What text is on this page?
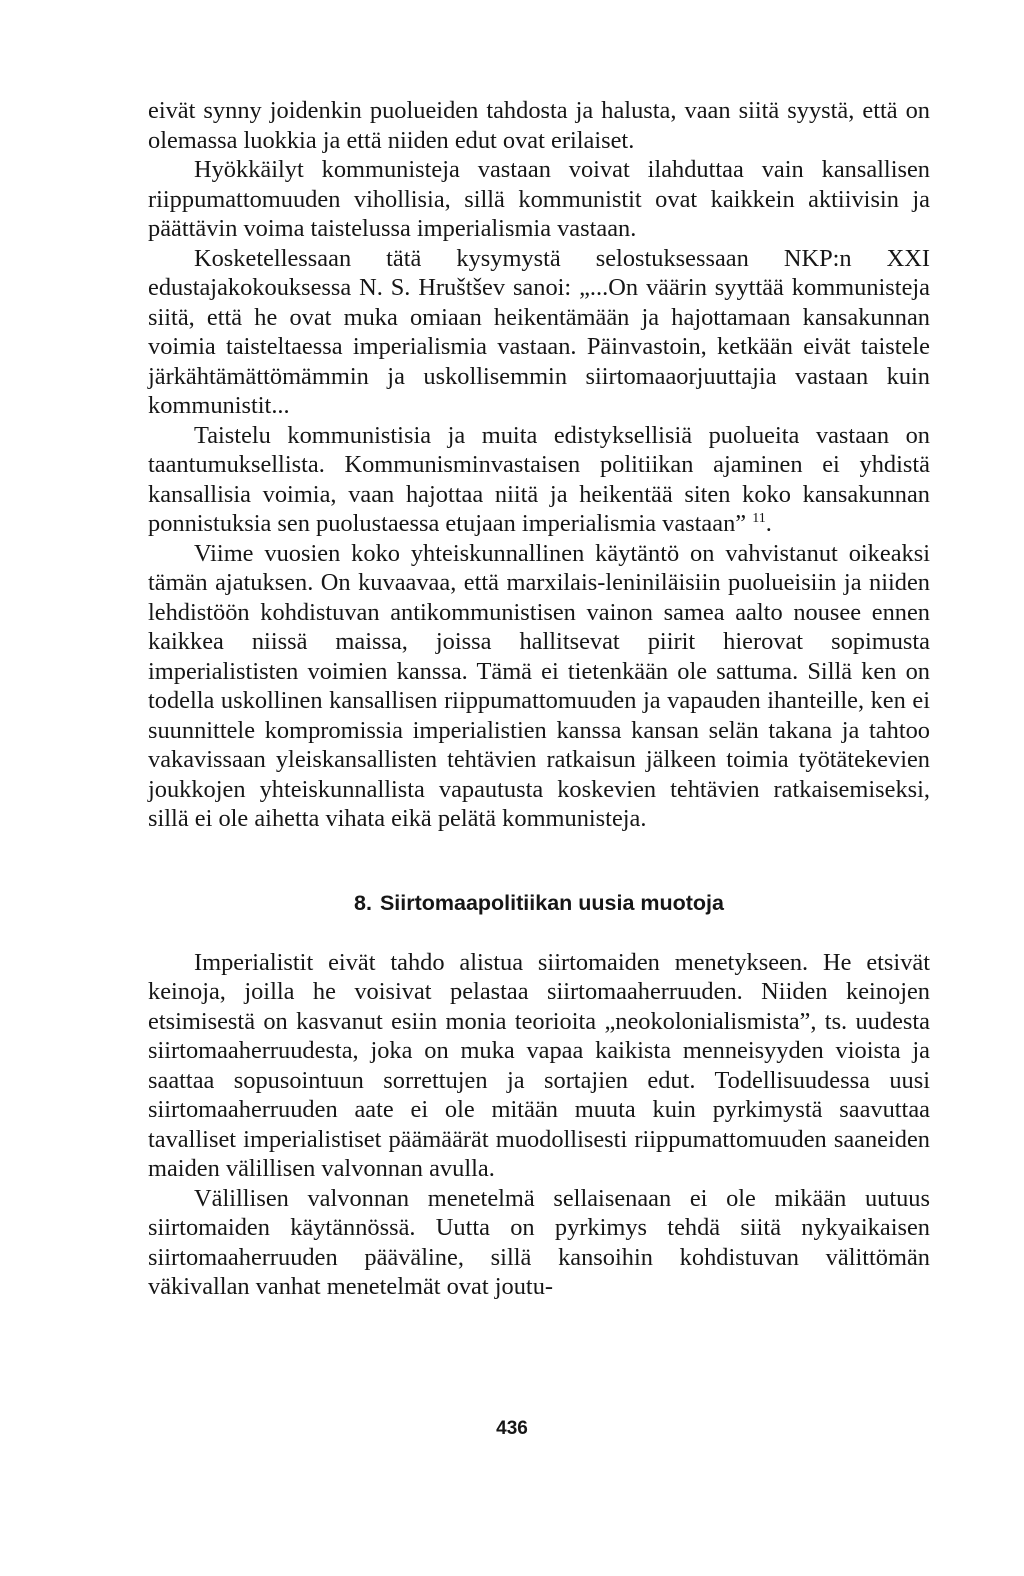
eivät synny joidenkin puolueiden tahdosta ja halusta, vaan siitä syystä, että on olemassa luokkia ja että niiden edut ovat erilaiset.

Hyökkäilyt kommunisteja vastaan voivat ilahduttaa vain kansallisen riippumattomuuden vihollisia, sillä kommunistit ovat kaikkein aktiivisin ja päättävin voima taistelussa imperialismia vastaan.

Kosketellessaan tätä kysymystä selostuksessaan NKP:n XXI edustajakokouksessa N. S. Hruštšev sanoi: „...On väärin syyttää kommunisteja siitä, että he ovat muka omiaan heikentämään ja hajottamaan kansakunnan voimia taisteltaessa imperialismia vastaan. Päinvastoin, ketkään eivät taistele järkähtämättömämmin ja uskollisemmin siirtomaaorjuuttajia vastaan kuin kommunistit...

Taistelu kommunistisia ja muita edistyksellisiä puolueita vastaan on taantumuksellista. Kommunisminvastaisen politiikan ajaminen ei yhdistä kansallisia voimia, vaan hajottaa niitä ja heikentää siten koko kansakunnan ponnistuksia sen puolustaessa etujaan imperialismia vastaan” $^{11}$.

Viime vuosien koko yhteiskunnallinen käytäntö on vahvistanut oikeaksi tämän ajatuksen. On kuvaavaa, että marxilais-leniniläisiin puolueisiin ja niiden lehdistöön kohdistuvan antikommunistisen vainon samea aalto nousee ennen kaikkea niissä maissa, joissa hallitsevat piirit hierovat sopimusta imperialististen voimien kanssa. Tämä ei tietenkään ole sattuma. Sillä ken on todella uskollinen kansallisen riippumattomuuden ja vapauden ihanteille, ken ei suunnittele kompromissia imperialistien kanssa kansan selän takana ja tahtoo vakavissaan yleiskansallisten tehtävien ratkaisun jälkeen toimia työtätekevien joukkojen yhteiskunnallista vapautusta koskevien tehtävien ratkaisemiseksi, sillä ei ole aihetta vihata eikä pelätä kommunisteja.

8. Siirtomaapolitiikan uusia muotoja

Imperialistit eivät tahdo alistua siirtomaiden menetykseen. He etsivät keinoja, joilla he voisivat pelastaa siirtomaaherruuden. Niiden keinojen etsimisestä on kasvanut esiin monia teorioita „neokolonialismista”, ts. uudesta siirtomaaherruudesta, joka on muka vapaa kaikista menneisyyden vioista ja saattaa sopusointuun sorrettujen ja sortajien edut. Todellisuudessa uusi siirtomaaherruuden aate ei ole mitään muuta kuin pyrkimystä saavuttaa tavalliset imperialistiset päämäärät muodollisesti riippumattomuuden saaneiden maiden välillisen valvonnan avulla.

Välillisen valvonnan menetelmä sellaisenaan ei ole mikään uutuus siirtomaiden käytännössä. Uutta on pyrkimys tehdä siitä nykyaikaisen siirtomaaherruuden pääväline, sillä kansoihin kohdistuvan välittömän väkivallan vanhat menetelmät ovat joutu-

436
